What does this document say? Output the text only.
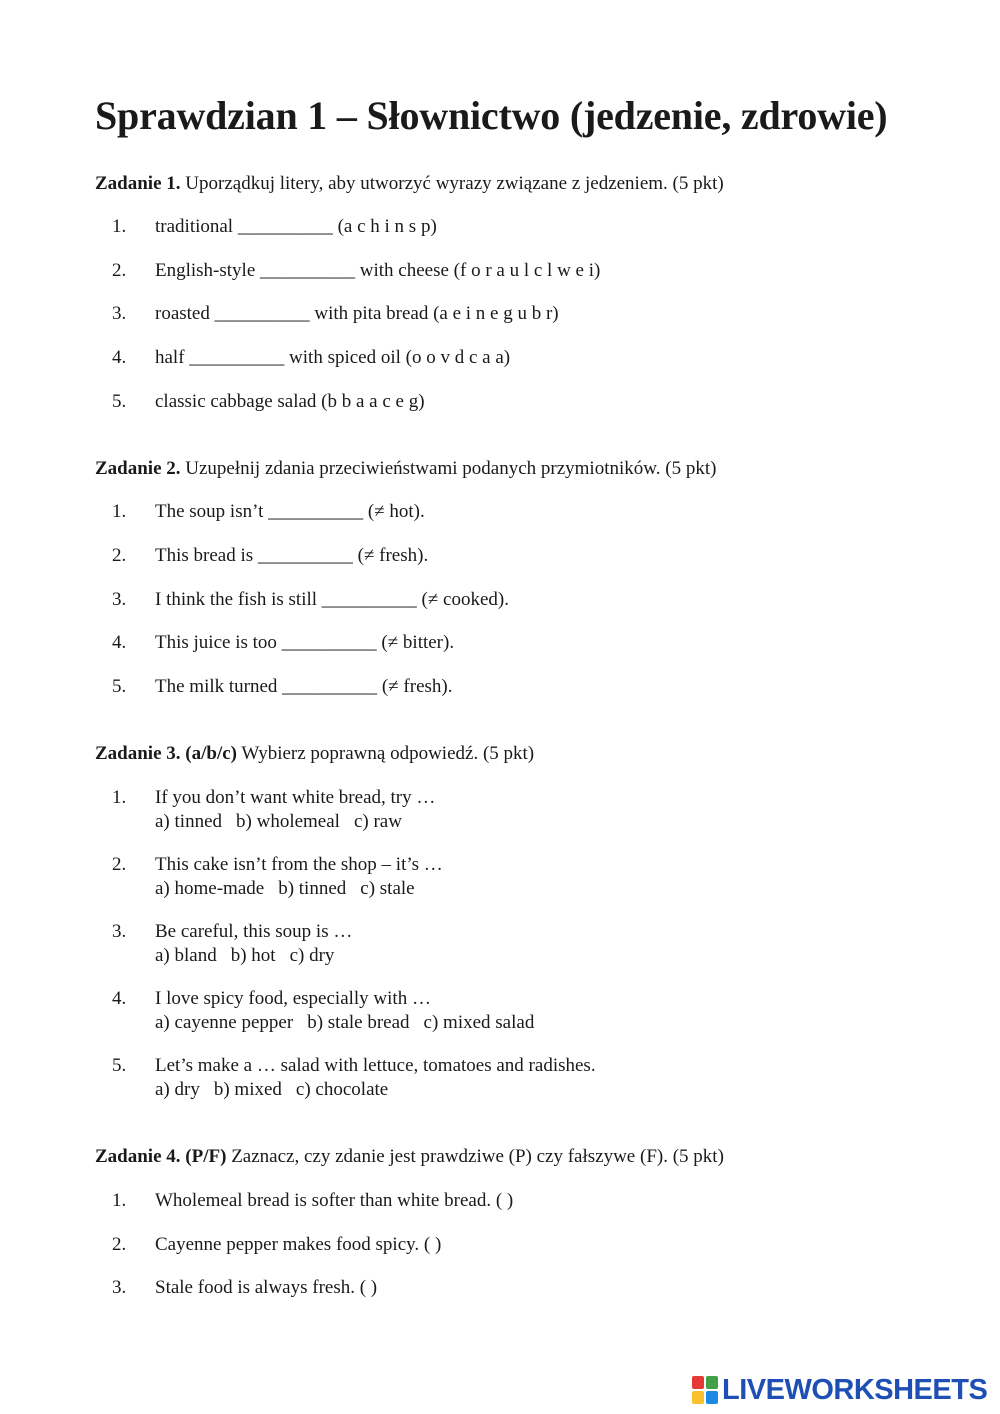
Sprawdzian 1 – Słownictwo (jedzenie, zdrowie)

Zadanie 1. Uporządkuj litery, aby utworzyć wyrazy związane z jedzeniem. (5 pkt)

1.	traditional __________ (a c h i n s p)
2.	English-style __________ with cheese (f o r a u l c l w e i)
3.	roasted __________ with pita bread (a e i n e g u b r)
4.	half __________ with spiced oil (o o v d c a a)
5.	classic cabbage salad (b b a a c e g)

Zadanie 2. Uzupełnij zdania przeciwieństwami podanych przymiotników. (5 pkt)

1.	The soup isn’t __________ (≠ hot).
2.	This bread is __________ (≠ fresh).
3.	I think the fish is still __________ (≠ cooked).
4.	This juice is too __________ (≠ bitter).
5.	The milk turned __________ (≠ fresh).

Zadanie 3. (a/b/c) Wybierz poprawną odpowiedź. (5 pkt)

1.	If you don’t want white bread, try …
a) tinned b) wholemeal c) raw
2.	This cake isn’t from the shop – it’s …
a) home-made b) tinned c) stale
3.	Be careful, this soup is …
a) bland b) hot c) dry
4.	I love spicy food, especially with …
a) cayenne pepper b) stale bread c) mixed salad
5.	Let’s make a … salad with lettuce, tomatoes and radishes.
a) dry b) mixed c) chocolate

Zadanie 4. (P/F) Zaznacz, czy zdanie jest prawdziwe (P) czy fałszywe (F). (5 pkt)

1.	Wholemeal bread is softer than white bread. ( )
2.	Cayenne pepper makes food spicy. ( )
3.	Stale food is always fresh. ( )
LIVEWORKSHEETS
